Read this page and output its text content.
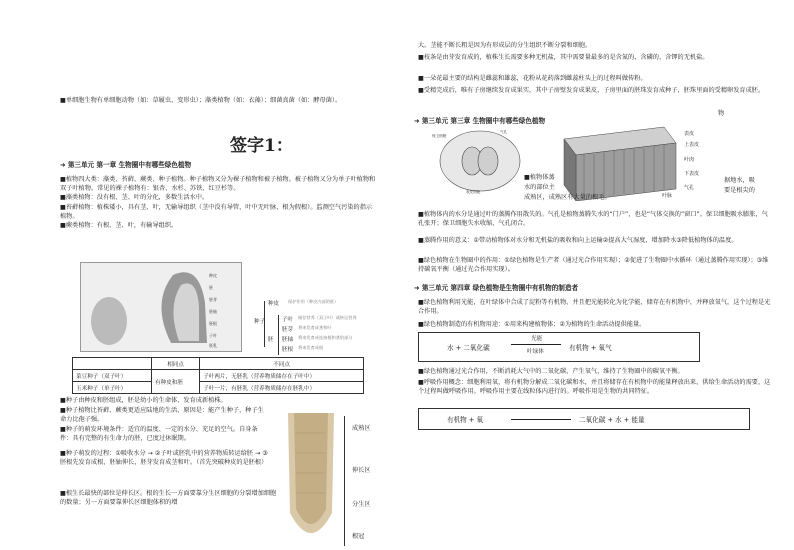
■单细胞生物有单细胞动物（如：草履虫、变形虫）；藻类植物（如：衣藻）；细菌真菌（如：酵母菌）。
签字1：
➜ 第三单元 第一章 生物圈中有哪些绿色植物
■植物四大类：藻类、苔藓、蕨类、种子植物。种子植物又分为裸子植物和被子植物。被子植物又分为单子叶植物和双子叶植物。常见的裸子植物有：银杏、水杉、苏铁、红豆杉等。
■藻类植物：没有根、茎、叶的分化，多数生活水中。
■苔藓植物：植株矮小，具有茎、叶，无输导组织（茎中没有导管，叶中无叶脉，根为假根）。监测空气污染的指示植物。
■蕨类植物：有根、茎、叶，有输导组织。
种皮
胚
胚芽
胚轴
胚根
子叶
胚乳
种子
种皮 保护作用（种皮内部的胚）
胚
子叶
胚芽
胚轴
胚根
储存营养（双子叶）或转运营养
将来发育成茎和叶
将来发育成连接根和茎的部分
将来发育成根
	相同点	不同点
菜豆种子（双子叶）	有种皮和胚	子叶两片，无胚乳（营养物质储存在子叶中）
玉米种子（单子叶）		子叶一片，有胚乳（营养物质储存在胚乳中）
■种子由种皮和胚组成，胚是幼小的生命体，发育成新植株。
■种子植物比苔藓、蕨类更适应陆地的生活，原因是：能产生种子，种子生命力比孢子强。
■种子的萌发环境条件：适宜的温度、一定的水分、充足的空气。自身条件：具有完整的有生命力的胚，已度过休眠期。
■种子萌发的过程：①吸收水分 → ②子叶或胚乳中的营养物质转运给胚 → ③胚根先发育成根，胚轴伸长，胚芽发育成茎和叶。（首先突破种皮的是胚根）
■根生长最快的部位是伸长区。根的生长一方面要靠分生区细胞的分裂增加细胞的数量；另一方面要靠伸长区细胞体积的增
成熟区
伸长区
分生区
根冠
大。茎能不断长粗是因为有形成层的分生组织不断分裂和细胞。
■枝条是由芽发育成的，植株生长需要多种无机盐，其中需要量最多的是含氮的、含磷的、含钾的无机盐。
■一朵花最主要的结构是雌蕊和雄蕊，花粉从花药落到雌蕊柱头上的过程叫做传粉。
■受精完成后，唯有子房继续发育成果实，其中子房壁发育成果皮，子房里面的胚珠发育成种子，胚珠里面的受精卵发育成胚。
➜ 第三单元 第三章 生物圈中有哪些绿色植物
物
保卫细胞
气孔
表皮细胞
表皮
上表皮
叶肉
下表皮
气孔
叶脉
■植物体蒸
水的部位主
成熟区，成熟区有大量的根毛。
据地水，吸
要是根尖的
■植物体内的水分是通过叶的蒸腾作用散失的。气孔是植物蒸腾失水的“门户”，也是“气体交换的”窗口”。保卫细胞吸水膨胀，气孔张开；保卫细胞失水收缩，气孔闭合。
■蒸腾作用的意义：①带动植物体对水分和无机盐的吸收和向上运输②提高大气湿度，增加降水③降低植物体的温度。
■绿色植物在生物圈中的作用：①绿色植物是生产者（通过光合作用实现）；②促进了生物圈中水循环（通过蒸腾作用实现）；③维持碳氧平衡（通过光合作用实现）。
➜ 第三单元 第四章 绿色植物是生物圈中有机物的制造者
■绿色植物利用光能，在叶绿体中合成了淀粉等有机物，并且把光能转化为化学能，储存在有机物中，并释放氧气，这个过程是光合作用。
■绿色植物制造的有机物用途：①用来构建植物体；②为植物的生命活动提供能量。
水 + 二氧化碳
光能
叶绿体	有机物 + 氧气
■绿色植物通过光合作用，不断消耗大气中的二氧化碳，产生氧气，维持了生物圈中的碳氧平衡。
■呼吸作用概念：细胞利用氧，将有机物分解成二氧化碳和水，并且将储存在有机物中的能量释放出来，供给生命活动的需要，这个过程叫做呼吸作用。呼吸作用主要在线粒体内进行的。呼吸作用是生物的共同特征。
有机物 + 氧	二氧化碳 + 水 + 能量
